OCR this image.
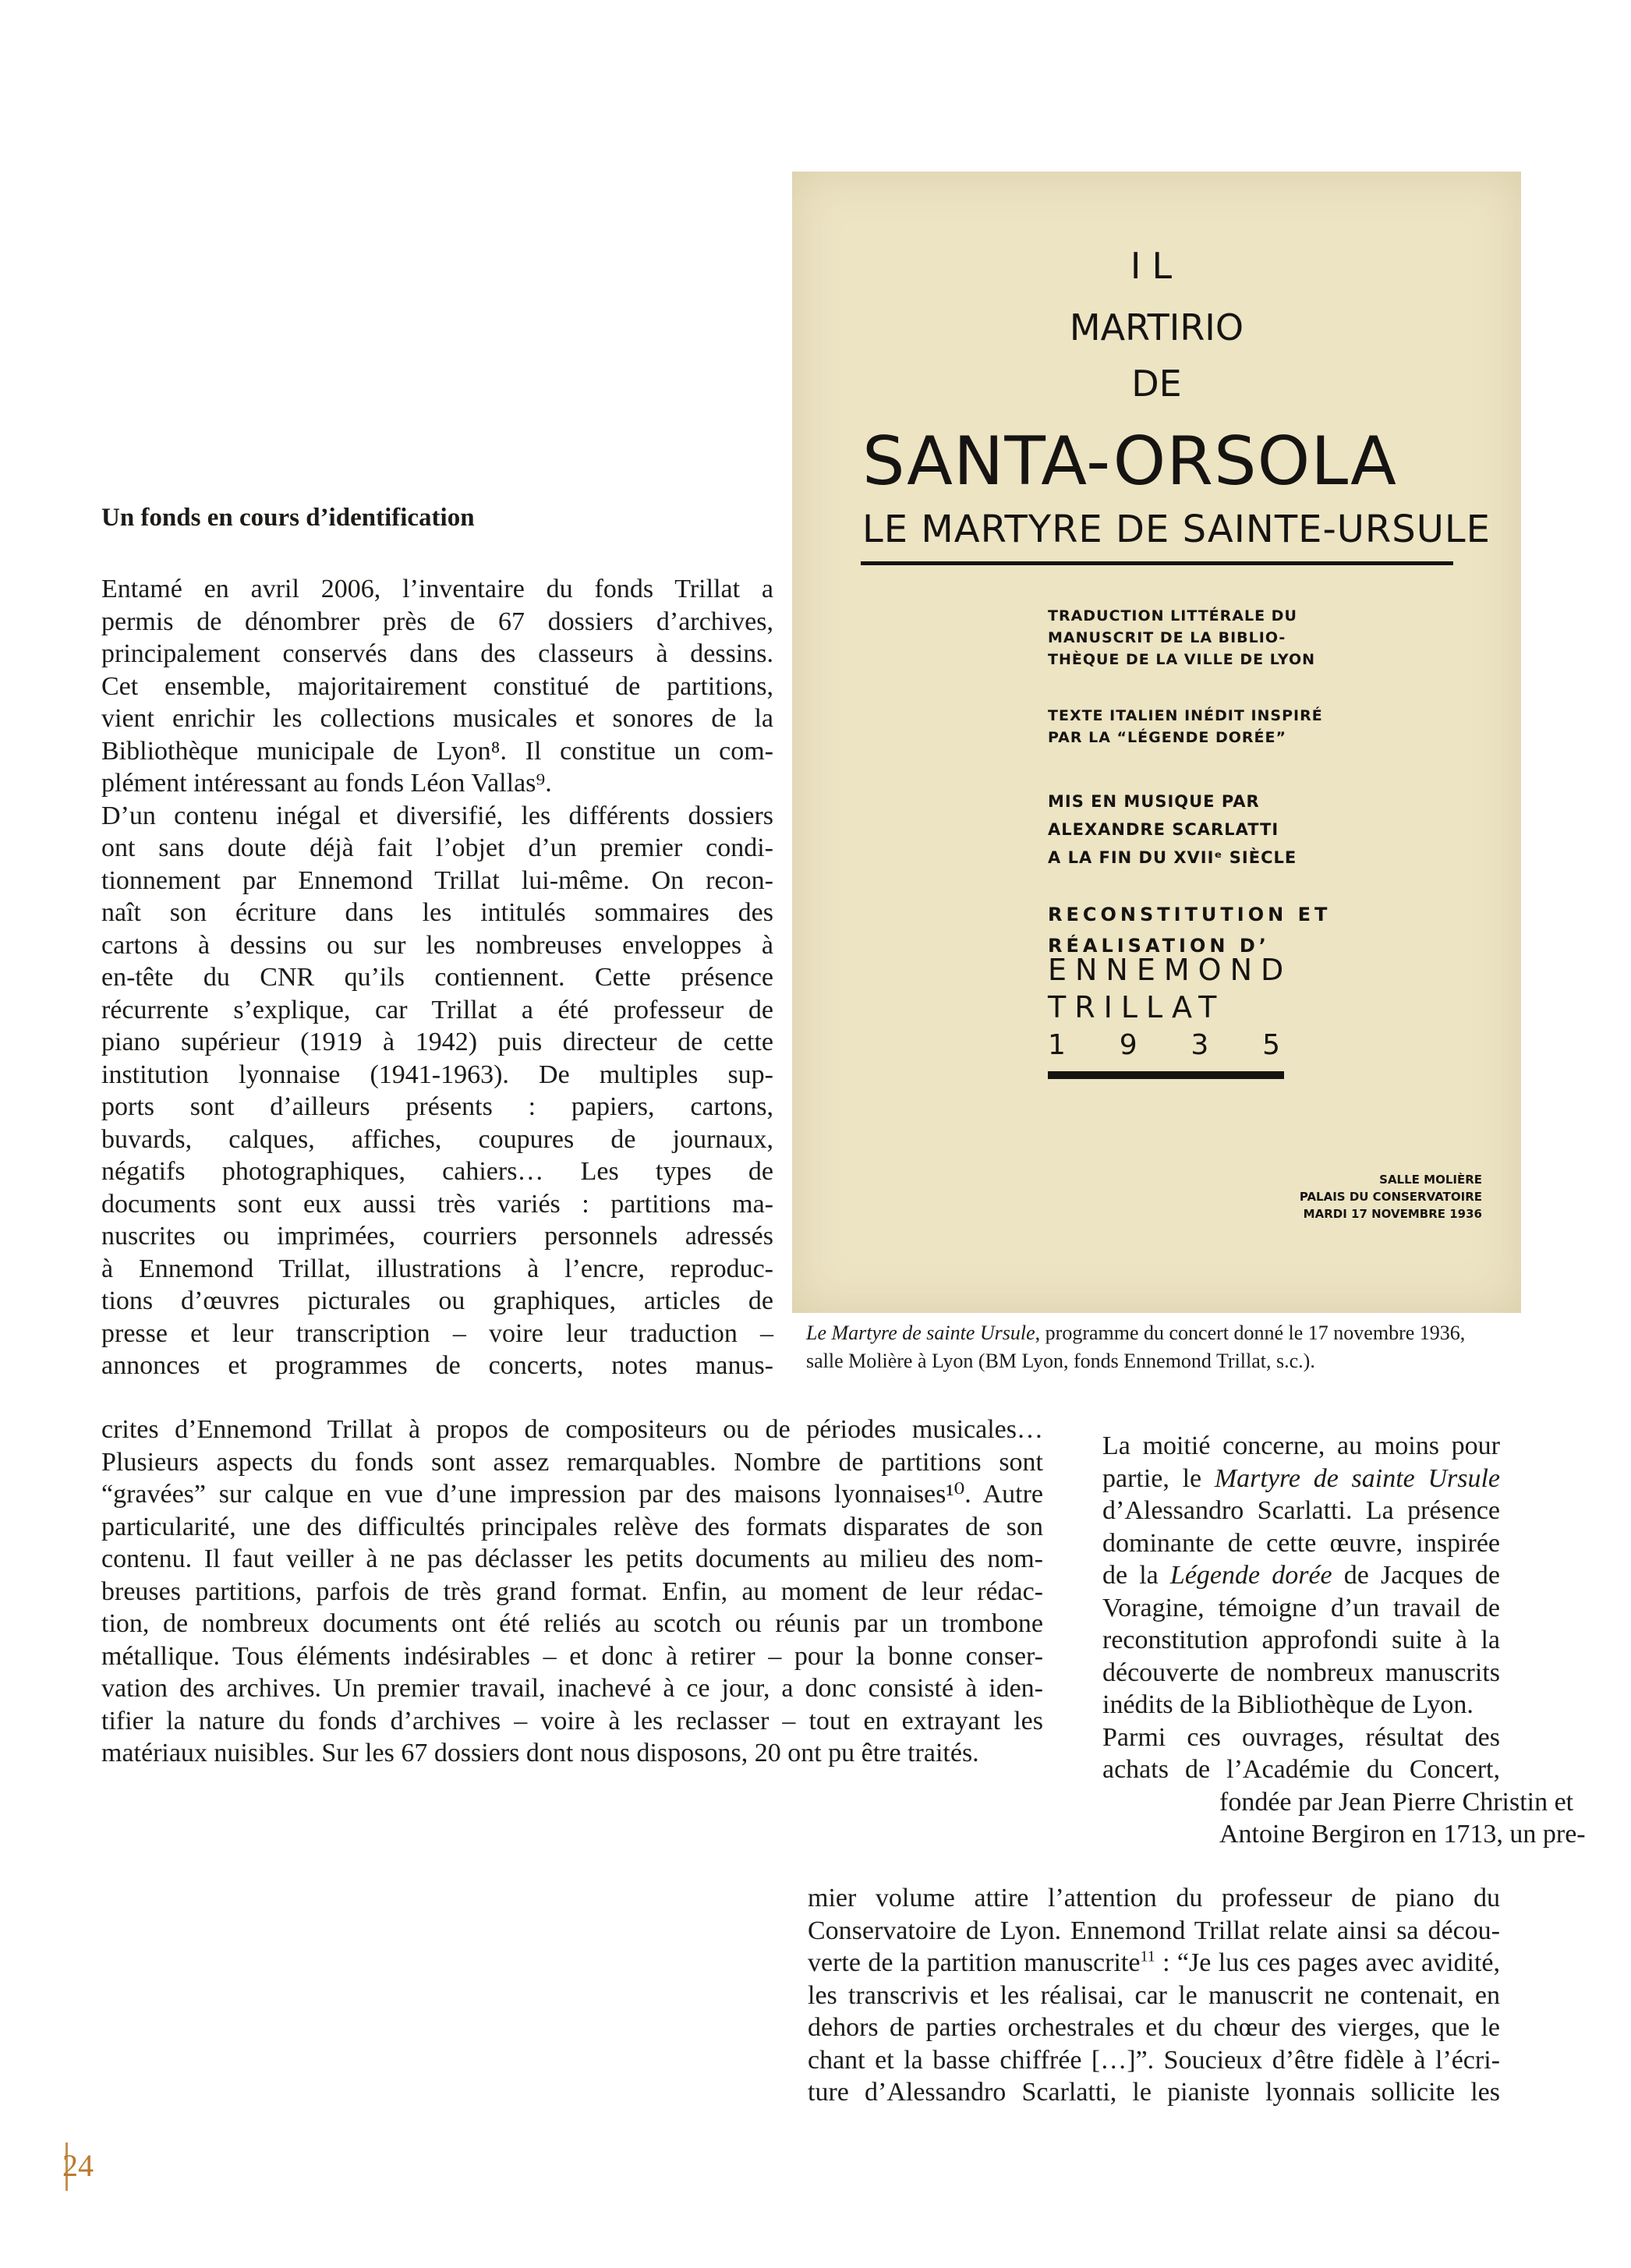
Un fonds en cours d’identification
Entamé en avril 2006, l’inventaire du fonds Trillat a
permis de dénombrer près de 67 dossiers d’archives,
principalement conservés dans des classeurs à dessins.
Cet ensemble, majoritairement constitué de partitions,
vient enrichir les collections musicales et sonores de la
Bibliothèque municipale de Lyon⁸. Il constitue un com-
plément intéressant au fonds Léon Vallas⁹.
D’un contenu inégal et diversifié, les différents dossiers
ont sans doute déjà fait l’objet d’un premier condi-
tionnement par Ennemond Trillat lui-même. On recon-
naît son écriture dans les intitulés sommaires des
cartons à dessins ou sur les nombreuses enveloppes à
en-tête du CNR qu’ils contiennent. Cette présence
récurrente s’explique, car Trillat a été professeur de
piano supérieur (1919 à 1942) puis directeur de cette
institution lyonnaise (1941-1963). De multiples sup-
ports sont d’ailleurs présents : papiers, cartons,
buvards, calques, affiches, coupures de journaux,
négatifs photographiques, cahiers… Les types de
documents sont eux aussi très variés : partitions ma-
nuscrites ou imprimées, courriers personnels adressés
à Ennemond Trillat, illustrations à l’encre, reproduc-
tions d’œuvres picturales ou graphiques, articles de
presse et leur transcription – voire leur traduction –
annonces et programmes de concerts, notes manus-
crites d’Ennemond Trillat à propos de compositeurs ou de périodes musicales…
Plusieurs aspects du fonds sont assez remarquables. Nombre de partitions sont
“gravées” sur calque en vue d’une impression par des maisons lyonnaises¹⁰. Autre
particularité, une des difficultés principales relève des formats disparates de son
contenu. Il faut veiller à ne pas déclasser les petits documents au milieu des nom-
breuses partitions, parfois de très grand format. Enfin, au moment de leur rédac-
tion, de nombreux documents ont été reliés au scotch ou réunis par un trombone
métallique. Tous éléments indésirables – et donc à retirer – pour la bonne conser-
vation des archives. Un premier travail, inachevé à ce jour, a donc consisté à iden-
tifier la nature du fonds d’archives – voire à les reclasser – tout en extrayant les
matériaux nuisibles. Sur les 67 dossiers dont nous disposons, 20 ont pu être traités.
La moitié concerne, au moins pour
partie, le Martyre de sainte Ursule
d’Alessandro Scarlatti. La présence
dominante de cette œuvre, inspirée
de la Légende dorée de Jacques de
Voragine, témoigne d’un travail de
reconstitution approfondi suite à la
découverte de nombreux manuscrits
inédits de la Bibliothèque de Lyon.
Parmi ces ouvrages, résultat des
achats de l’Académie du Concert,
fondée par Jean Pierre Christin et
Antoine Bergiron en 1713, un pre-
mier volume attire l’attention du professeur de piano du
Conservatoire de Lyon. Ennemond Trillat relate ainsi sa décou-
verte de la partition manuscrite$^{11}$ : “Je lus ces pages avec avidité,
les transcrivis et les réalisai, car le manuscrit ne contenait, en
dehors de parties orchestrales et du chœur des vierges, que le
chant et la basse chiffrée […]”. Soucieux d’être fidèle à l’écri-
ture d’Alessandro Scarlatti, le pianiste lyonnais sollicite les
IL
MARTIRIO
DE
SANTA-ORSOLA
LE MARTYRE DE SAINTE-URSULE
TRADUCTION LITTÉRALE DU
MANUSCRIT DE LA BIBLIO-
THÈQUE DE LA VILLE DE LYON
TEXTE ITALIEN INÉDIT INSPIRÉ
PAR LA “LÉGENDE DORÉE”
MIS EN MUSIQUE PAR
ALEXANDRE SCARLATTI
A LA FIN DU XVIIᵉ SIÈCLE
RECONSTITUTION ET
RÉALISATION D’
ENNEMOND
TRILLAT
1 9 3 5
SALLE MOLIÈRE
PALAIS DU CONSERVATOIRE
MARDI 17 NOVEMBRE 1936
Le Martyre de sainte Ursule, programme du concert donné le 17 novembre 1936,
salle Molière à Lyon (BM Lyon, fonds Ennemond Trillat, s.c.).
24
